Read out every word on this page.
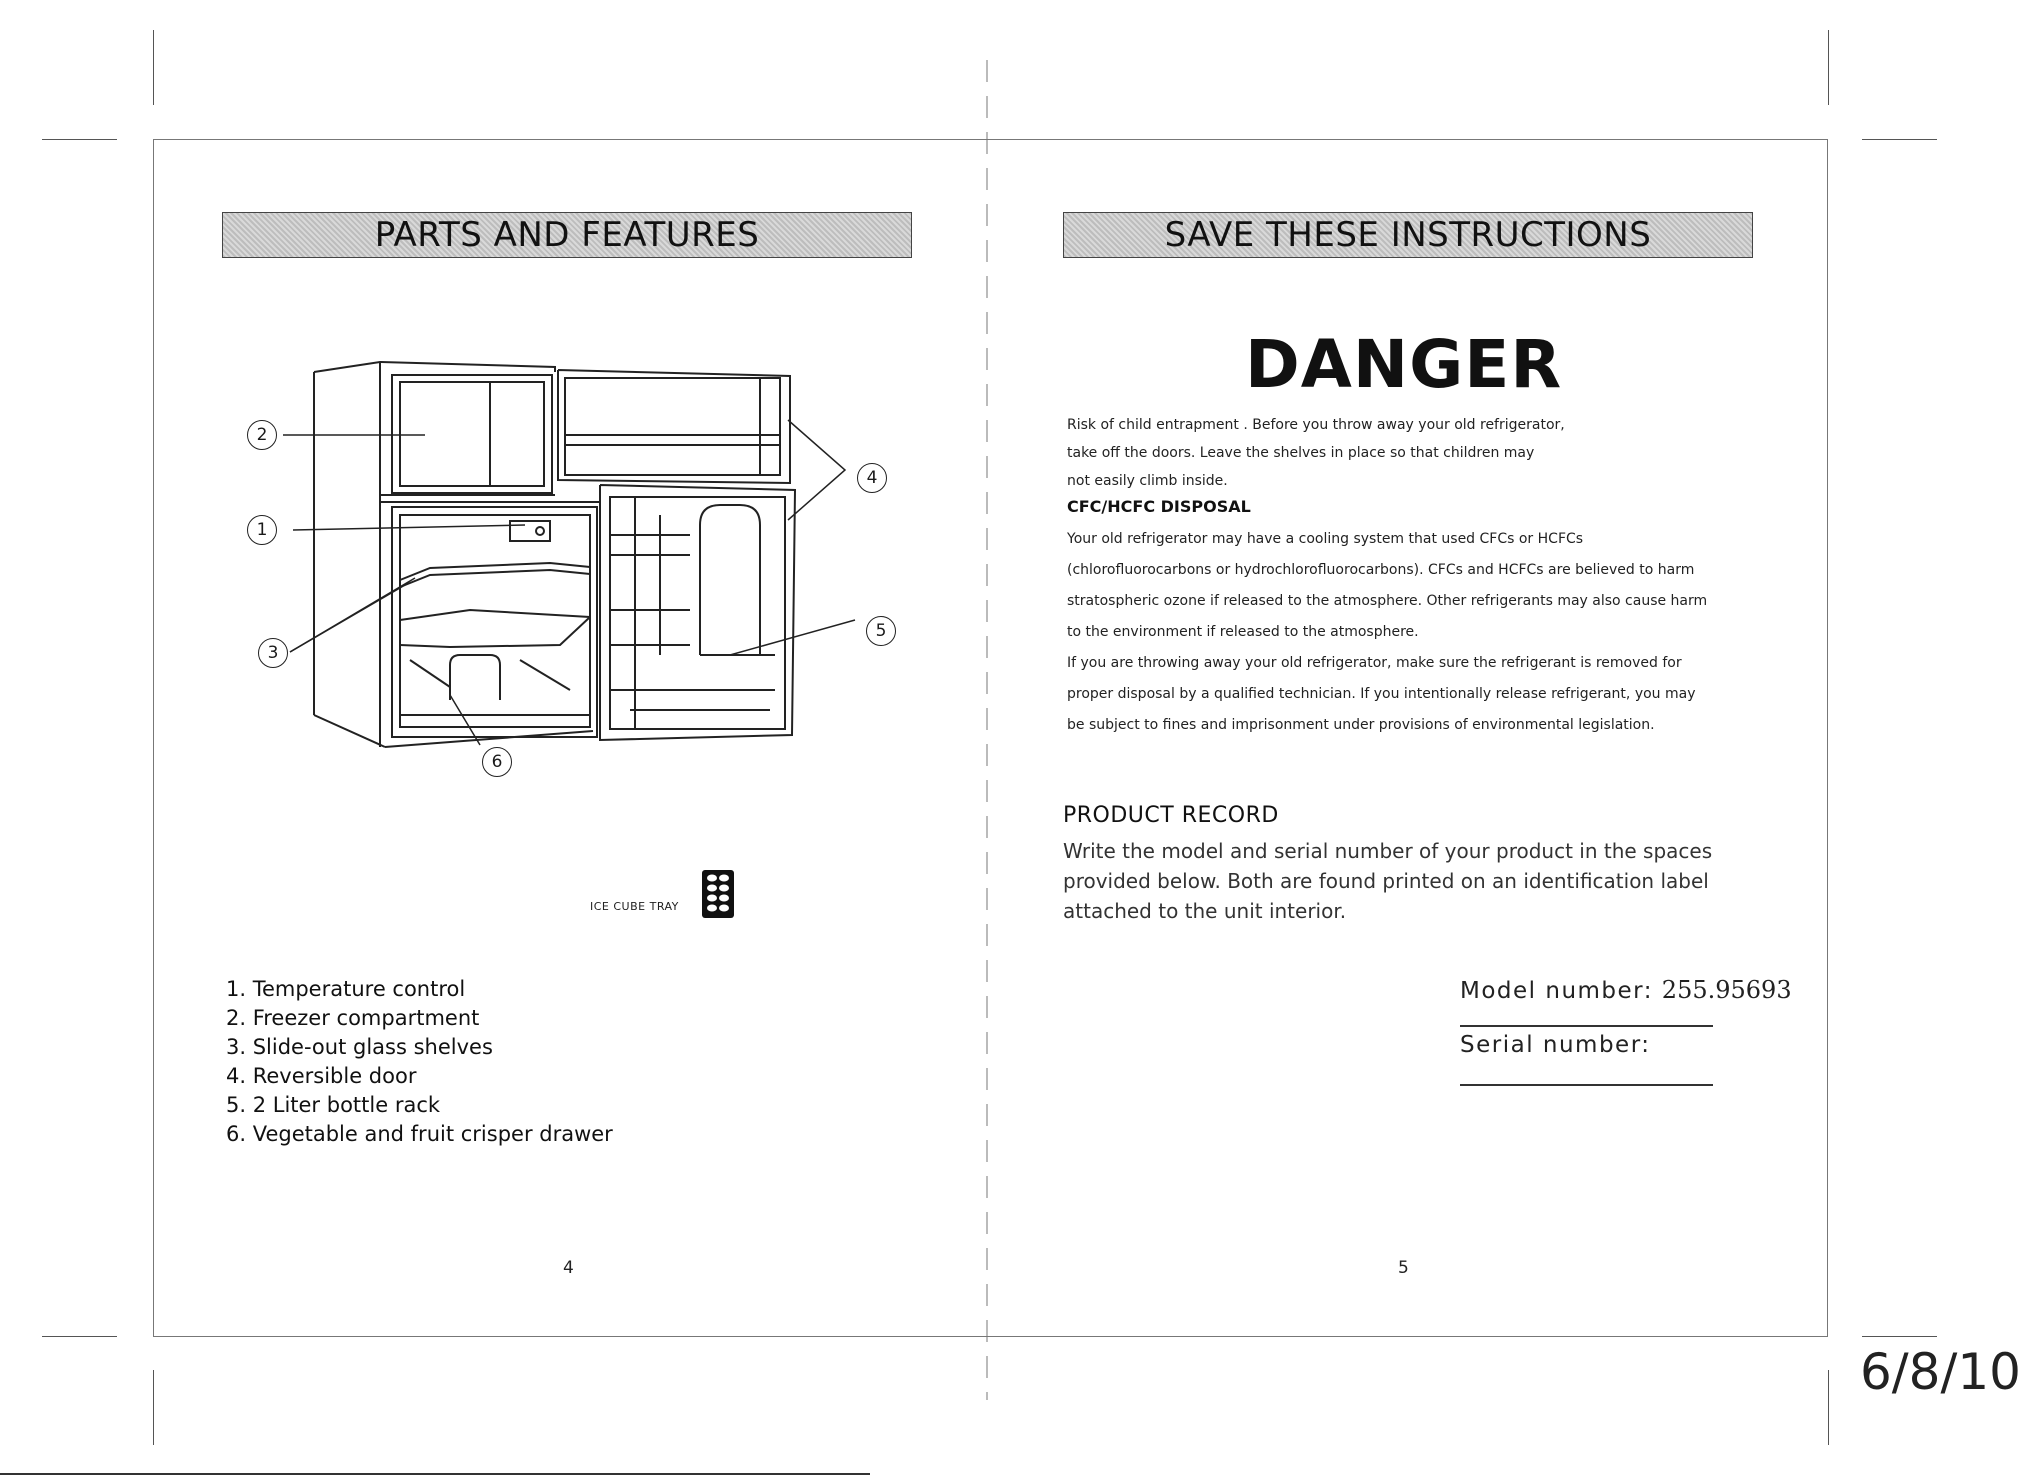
PARTS AND FEATURES
2
1
3
4
5
6
ICE CUBE TRAY
1. Temperature control
2. Freezer compartment
3. Slide-out glass shelves
4. Reversible door
5. 2 Liter bottle rack
6. Vegetable and fruit crisper drawer
4
SAVE THESE INSTRUCTIONS
DANGER
Risk of child entrapment . Before you throw away your old refrigerator,
take off the doors. Leave the shelves in place so that children may
not easily climb inside.
CFC/HCFC DISPOSAL
Your old refrigerator may have a cooling system that used CFCs or HCFCs
(chlorofluorocarbons or hydrochlorofluorocarbons). CFCs and HCFCs are believed to harm
stratospheric ozone if released to the atmosphere. Other refrigerants may also cause harm
to the environment if released to the atmosphere.
If you are throwing away your old refrigerator, make sure the refrigerant is removed for
proper disposal by a qualified technician. If you intentionally release refrigerant, you may
be subject to fines and imprisonment under provisions of environmental legislation.
PRODUCT RECORD
Write the model and serial number of your product in the spaces provided below. Both are found printed on an identification label attached to the unit interior.
Model number: 255.95693
Serial number:
5
6/8/10
